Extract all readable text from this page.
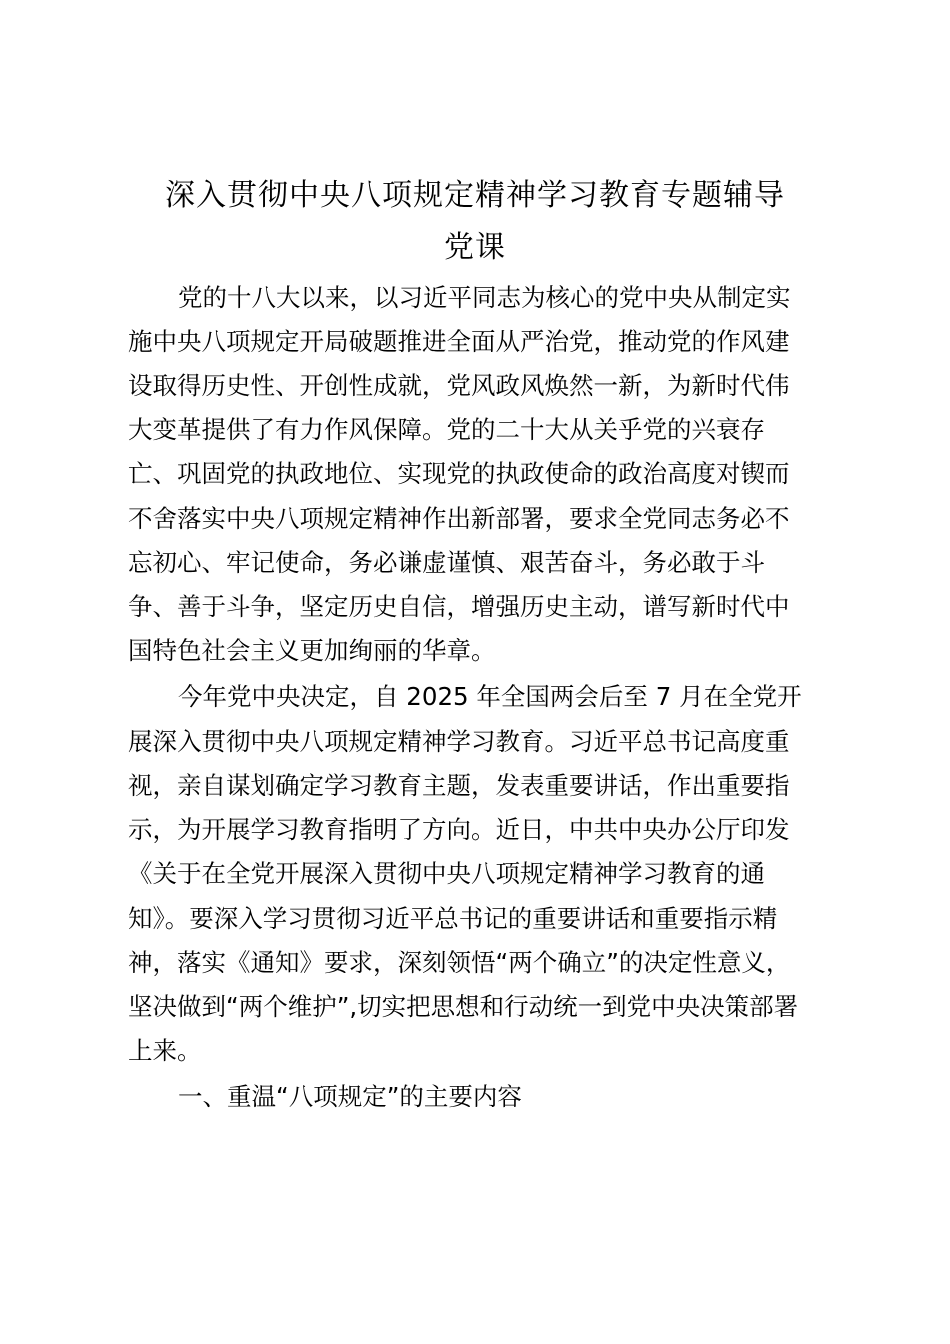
深入贯彻中央八项规定精神学习教育专题辅导
党课

党的十八大以来，以习近平同志为核心的党中央从制定实

施中央八项规定开局破题推进全面从严治党，推动党的作风建

设取得历史性、开创性成就，党风政风焕然一新，为新时代伟

大变革提供了有力作风保障。党的二十大从关乎党的兴衰存

亡、巩固党的执政地位、实现党的执政使命的政治高度对锲而

不舍落实中央八项规定精神作出新部署，要求全党同志务必不

忘初心、牢记使命，务必谦虚谨慎、艰苦奋斗，务必敢于斗

争、善于斗争，坚定历史自信，增强历史主动，谱写新时代中

国特色社会主义更加绚丽的华章。

今年党中央决定，自 2025 年全国两会后至 7 月在全党开

展深入贯彻中央八项规定精神学习教育。习近平总书记高度重

视，亲自谋划确定学习教育主题，发表重要讲话，作出重要指

示，为开展学习教育指明了方向。近日，中共中央办公厅印发

《关于在全党开展深入贯彻中央八项规定精神学习教育的通

知》。要深入学习贯彻习近平总书记的重要讲话和重要指示精

神，落实《通知》要求，深刻领悟“两个确立”的决定性意义，

坚决做到“两个维护”,切实把思想和行动统一到党中央决策部署

上来。

一、重温“八项规定”的主要内容
